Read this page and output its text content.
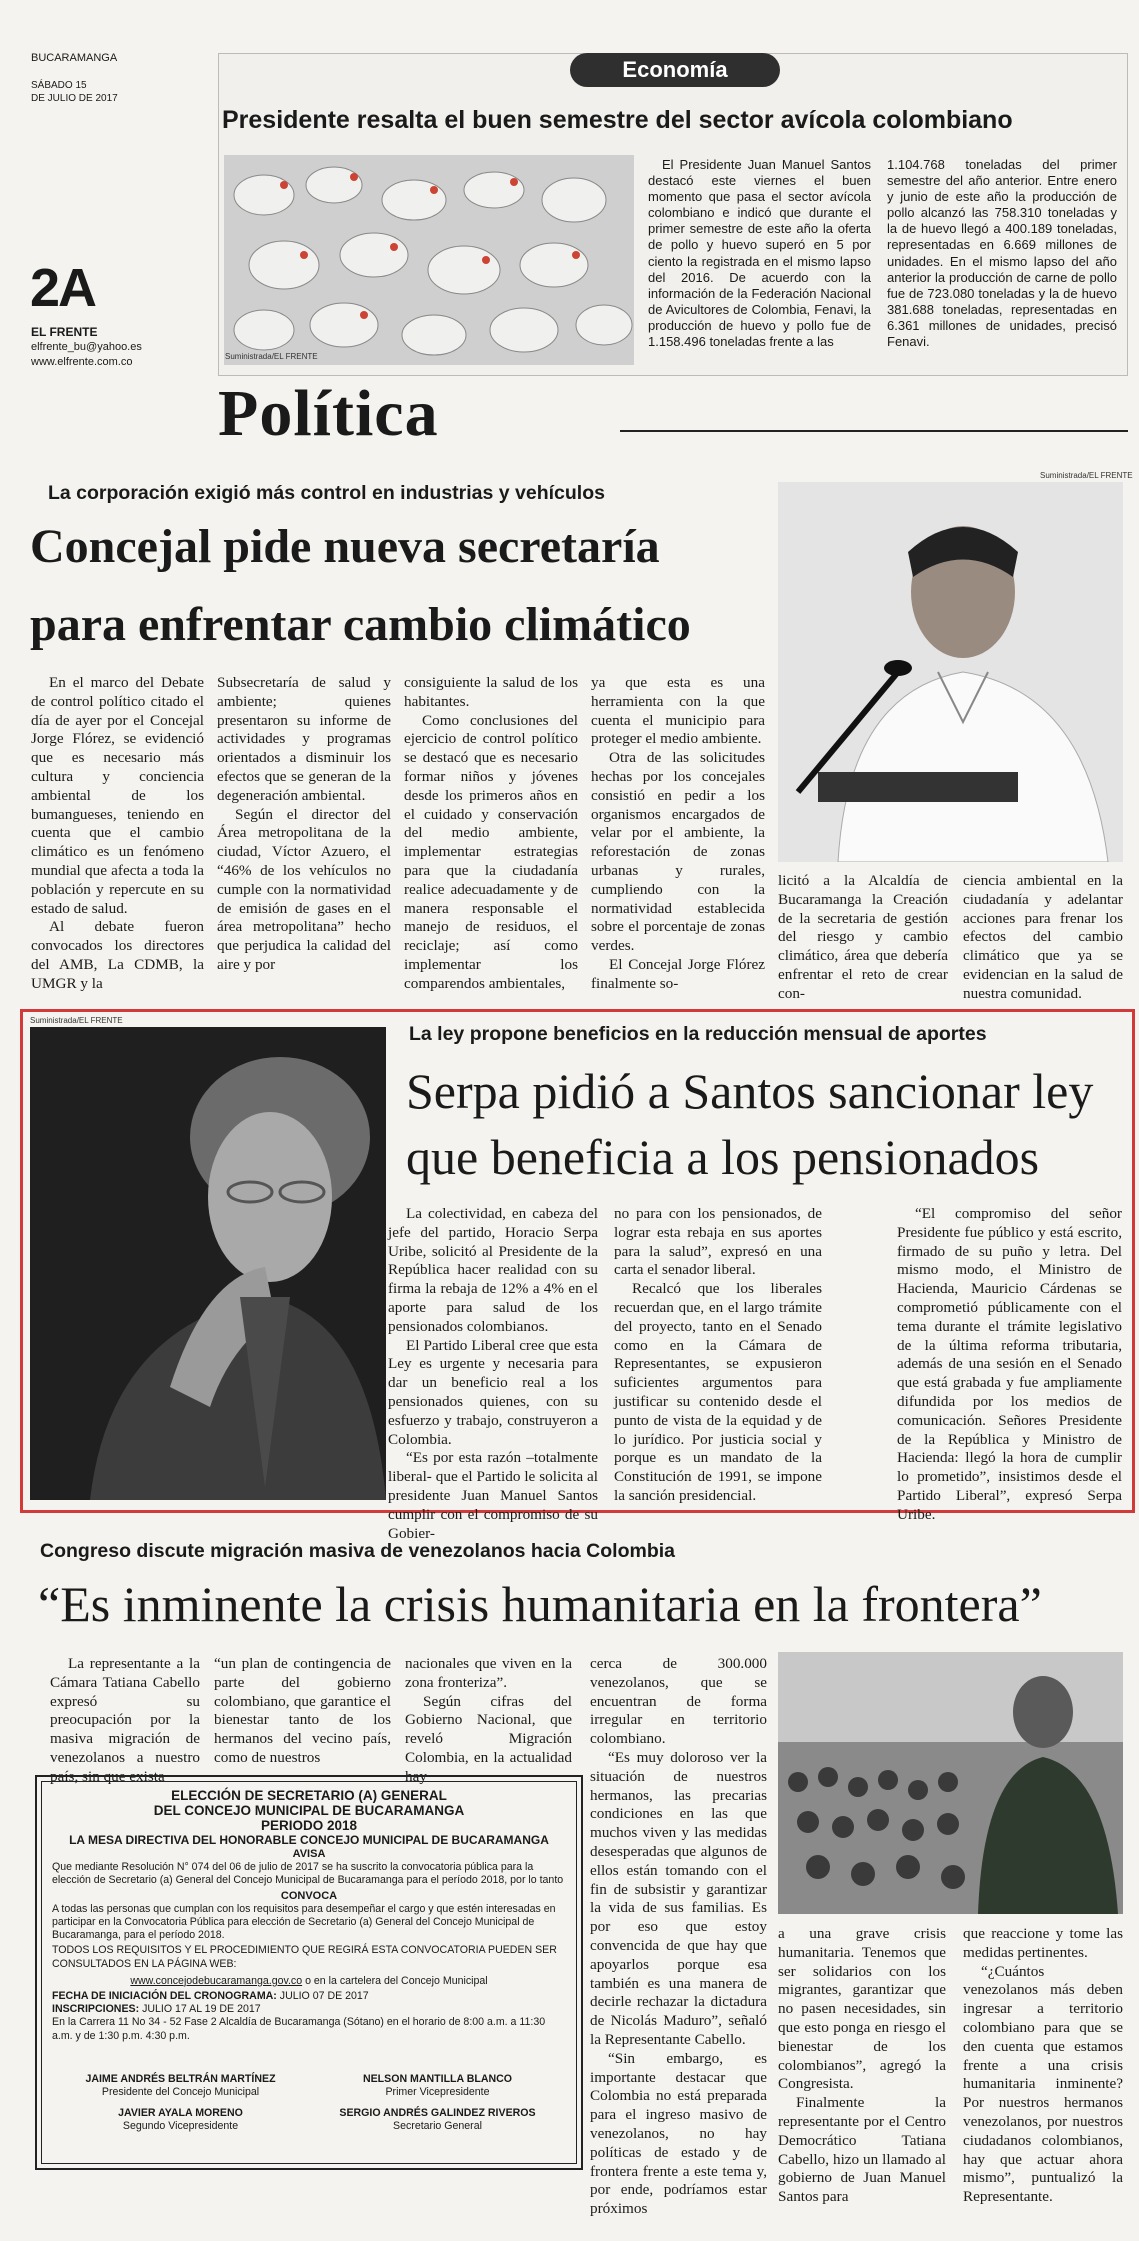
BUCARAMANGA
SÁBADO 15
DE JULIO DE 2017
2A
EL FRENTE
elfrente_bu@yahoo.es
www.elfrente.com.co
Economía
Presidente resalta el buen semestre del sector avícola colombiano
Suministrada/EL FRENTE
El Presidente Juan Manuel Santos destacó este viernes el buen momento que pasa el sector avícola colombiano e indicó que durante el primer semestre de este año la oferta de pollo y huevo superó en 5 por ciento la registrada en el mismo lapso del 2016. De acuerdo con la información de la Federación Nacional de Avicultores de Colombia, Fenavi, la producción de huevo y pollo fue de 1.158.496 toneladas frente a las
1.104.768 toneladas del primer semestre del año anterior. Entre enero y junio de este año la producción de pollo alcanzó las 758.310 toneladas y la de huevo llegó a 400.189 toneladas, representadas en 6.669 millones de unidades. En el mismo lapso del año anterior la producción de carne de pollo fue de 723.080 toneladas y la de huevo 381.688 toneladas, representadas en 6.361 millones de unidades, precisó Fenavi.
Política
Suministrada/EL FRENTE
La corporación exigió más control en industrias y vehículos
Concejal pide nueva secretaría
para enfrentar cambio climático

En el marco del Debate de control político citado el día de ayer por el Concejal Jorge Flórez, se evidenció que es necesario más cultura y conciencia ambiental de los bumangueses, teniendo en cuenta que el cambio climático es un fenómeno mundial que afecta a toda la población y repercute en su estado de salud.

Al debate fueron convocados los directores del AMB, La CDMB, la UMGR y la

Subsecretaría de salud y ambiente; quienes presentaron su informe de actividades y programas orientados a disminuir los efectos que se generan de la degeneración ambiental.

Según el director del Área metropolitana de la ciudad, Víctor Azuero, el “46% de los vehículos no cumple con la normatividad de emisión de gases en el área metropolitana” hecho que perjudica la calidad del aire y por

consiguiente la salud de los habitantes.

Como conclusiones del ejercicio de control político se destacó que es necesario formar niños y jóvenes desde los primeros años en el cuidado y conservación del medio ambiente, implementar estrategias para que la ciudadanía realice adecuadamente y de manera responsable el manejo de residuos, el reciclaje; así como implementar los comparendos ambientales,

ya que esta es una herramienta con la que cuenta el municipio para proteger el medio ambiente.

Otra de las solicitudes hechas por los concejales consistió en pedir a los organismos encargados de velar por el ambiente, la reforestación de zonas urbanas y rurales, cumpliendo con la normatividad establecida sobre el porcentaje de zonas verdes.

El Concejal Jorge Flórez finalmente so-

licitó a la Alcaldía de Bucaramanga la Creación de la secretaria de gestión del riesgo y cambio climático, área que debería enfrentar el reto de crear con-

ciencia ambiental en la ciudadanía y adelantar acciones para frenar los efectos del cambio climático que ya se evidencian en la salud de nuestra comunidad.

Suministrada/EL FRENTE
La ley propone beneficios en la reducción mensual de aportes
Serpa pidió a Santos sancionar ley
que beneficia a los pensionados

La colectividad, en cabeza del jefe del partido, Horacio Serpa Uribe, solicitó al Presidente de la República hacer realidad con su firma la rebaja de 12% a 4% en el aporte para salud de los pensionados colombianos.

El Partido Liberal cree que esta Ley es urgente y necesaria para dar un beneficio real a los pensionados quienes, con su esfuerzo y trabajo, construyeron a Colombia.

“Es por esta razón –totalmente liberal- que el Partido le solicita al presidente Juan Manuel Santos cumplir con el compromiso de su Gobier-

no para con los pensionados, de lograr esta rebaja en sus aportes para la salud”, expresó en una carta el senador liberal.

Recalcó que los liberales recuerdan que, en el largo trámite del proyecto, tanto en el Senado como en la Cámara de Representantes, se expusieron suficientes argumentos para justificar su contenido desde el punto de vista de la equidad y de lo jurídico. Por justicia social y porque es un mandato de la Constitución de 1991, se impone la sanción presidencial.

“El compromiso del señor Presidente fue público y está escrito, firmado de su puño y letra. Del mismo modo, el Ministro de Hacienda, Mauricio Cárdenas se comprometió públicamente con el tema durante el trámite legislativo de la última reforma tributaria, además de una sesión en el Senado que está grabada y fue ampliamente difundida por los medios de comunicación. Señores Presidente de la República y Ministro de Hacienda: llegó la hora de cumplir lo prometido”, insistimos desde el Partido Liberal”, expresó Serpa Uribe.

Congreso discute migración masiva de venezolanos hacia Colombia
“Es inminente la crisis humanitaria en la frontera”

La representante a la Cámara Tatiana Cabello expresó su preocupación por la masiva migración de venezolanos a nuestro país, sin que exista

“un plan de contingencia de parte del gobierno colombiano, que garantice el bienestar tanto de los hermanos del vecino país, como de nuestros

nacionales que viven en la zona fronteriza”.

Según cifras del Gobierno Nacional, que reveló Migración Colombia, en la actualidad hay

cerca de 300.000 venezolanos, que se encuentran de forma irregular en territorio colombiano.

“Es muy doloroso ver la situación de nuestros hermanos, las precarias condiciones en las que muchos viven y las medidas desesperadas que algunos de ellos están tomando con el fin de subsistir y garantizar la vida de sus familias. Es por eso que estoy convencida de que hay que apoyarlos porque esa también es una manera de decirle rechazar la dictadura de Nicolás Maduro”, señaló la Representante Cabello.

“Sin embargo, es importante destacar que Colombia no está preparada para el ingreso masivo de venezolanos, no hay políticas de estado y de frontera frente a este tema y, por ende, podríamos estar próximos

a una grave crisis humanitaria. Tenemos que ser solidarios con los migrantes, garantizar que no pasen necesidades, sin que esto ponga en riesgo el bienestar de los colombianos”, agregó la Congresista.

Finalmente la representante por el Centro Democrático Tatiana Cabello, hizo un llamado al gobierno de Juan Manuel Santos para

que reaccione y tome las medidas pertinentes.

“¿Cuántos venezolanos más deben ingresar a territorio colombiano para que se den cuenta que estamos frente a una crisis humanitaria inminente? Por nuestros hermanos venezolanos, por nuestros ciudadanos colombianos, hay que actuar ahora mismo”, puntualizó la Representante.

ELECCIÓN DE SECRETARIO (A) GENERAL
DEL CONCEJO MUNICIPAL DE BUCARAMANGA
PERIODO 2018
LA MESA DIRECTIVA DEL HONORABLE CONCEJO MUNICIPAL DE BUCARAMANGA
AVISA

Que mediante Resolución N° 074 del 06 de julio de 2017 se ha suscrito la convocatoria pública para la elección de Secretario (a) General del Concejo Municipal de Bucaramanga para el período 2018, por lo tanto

CONVOCA

A todas las personas que cumplan con los requisitos para desempeñar el cargo y que estén interesadas en participar en la Convocatoria Pública para elección de Secretario (a) General del Concejo Municipal de Bucaramanga, para el período 2018.

TODOS LOS REQUISITOS Y EL PROCEDIMIENTO QUE REGIRÁ ESTA CONVOCATORIA PUEDEN SER CONSULTADOS EN LA PÁGINA WEB:

www.concejodebucaramanga.gov.co o en la cartelera del Concejo Municipal

FECHA DE INICIACIÓN DEL CRONOGRAMA: JULIO 07 DE 2017

INSCRIPCIONES: JULIO 17 AL 19 DE 2017

En la Carrera 11 No 34 - 52 Fase 2 Alcaldía de Bucaramanga (Sótano) en el horario de 8:00 a.m. a 11:30 a.m. y de 1:30 p.m. 4:30 p.m.

JAIME ANDRÉS BELTRÁN MARTÍNEZ
Presidente del Concejo Municipal
NELSON MANTILLA BLANCO
Primer Vicepresidente
JAVIER AYALA MORENO
Segundo Vicepresidente
SERGIO ANDRÉS GALINDEZ RIVEROS
Secretario General
